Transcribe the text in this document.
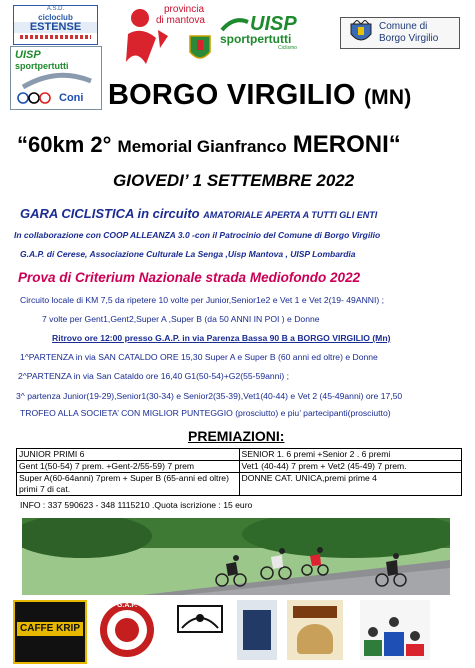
A.S.D.
cicloclub
ESTENSE
UISP
sportpertutti
Coni
provincia
di mantova UISP
sportpertutti
Ciclismo
Comune di
Borgo Virgilio
BORGO VIRGILIO (MN)
“60km 2° Memorial Gianfranco MERONI“
GIOVEDI’ 1 SETTEMBRE 2022
GARA CICLISTICA in circuito AMATORIALE APERTA A TUTTI GLI ENTI
In collaborazione con COOP ALLEANZA 3.0 -con il Patrocinio del Comune di Borgo Virgilio
G.A.P. di Cerese, Associazione Culturale La Senga ,Uisp Mantova , UISP Lombardia
Prova di Criterium Nazionale strada Mediofondo 2022
Circuito locale di KM 7,5 da ripetere 10 volte per Junior,Senior1e2 e Vet 1 e Vet 2(19- 49ANNI) ;
7 volte per Gent1,Gent2,Super A ,Super B (da 50 ANNI IN POI ) e Donne
Ritrovo ore 12:00 presso G.A.P. in via Parenza Bassa 90 B a BORGO VIRGILIO (Mn)
1^PARTENZA in via SAN CATALDO ORE 15,30 Super A e Super B (60 anni ed oltre) e Donne
2^PARTENZA in via San Cataldo ore 16,40 G1(50-54)+G2(55-59anni) ;
3^ partenza Junior(19-29),Senior1(30-34) e Senior2(35-39),Vet1(40-44) e Vet 2 (45-49anni) ore 17,50
TROFEO ALLA SOCIETA’ CON MIGLIOR PUNTEGGIO (prosciutto) e piu’ partecipanti(prosciutto)
PREMIAZIONI:
JUNIOR PRIMI 6	SENIOR 1. 6 premi +Senior 2 . 6 premi
Gent 1(50-54) 7 prem. +Gent-2/55-59) 7 prem	Vet1 (40-44) 7 prem + Vet2 (45-49) 7 prem.
Super A(60-64anni) 7prem + Super B (65-anni ed oltre) primi 7 di cat.	DONNE CAT. UNICA,premi prime 4
INFO : 337 590623 - 348 1115210 .Quota iscrizione : 15 euro
CAFFE KRIP
G.A.P.
